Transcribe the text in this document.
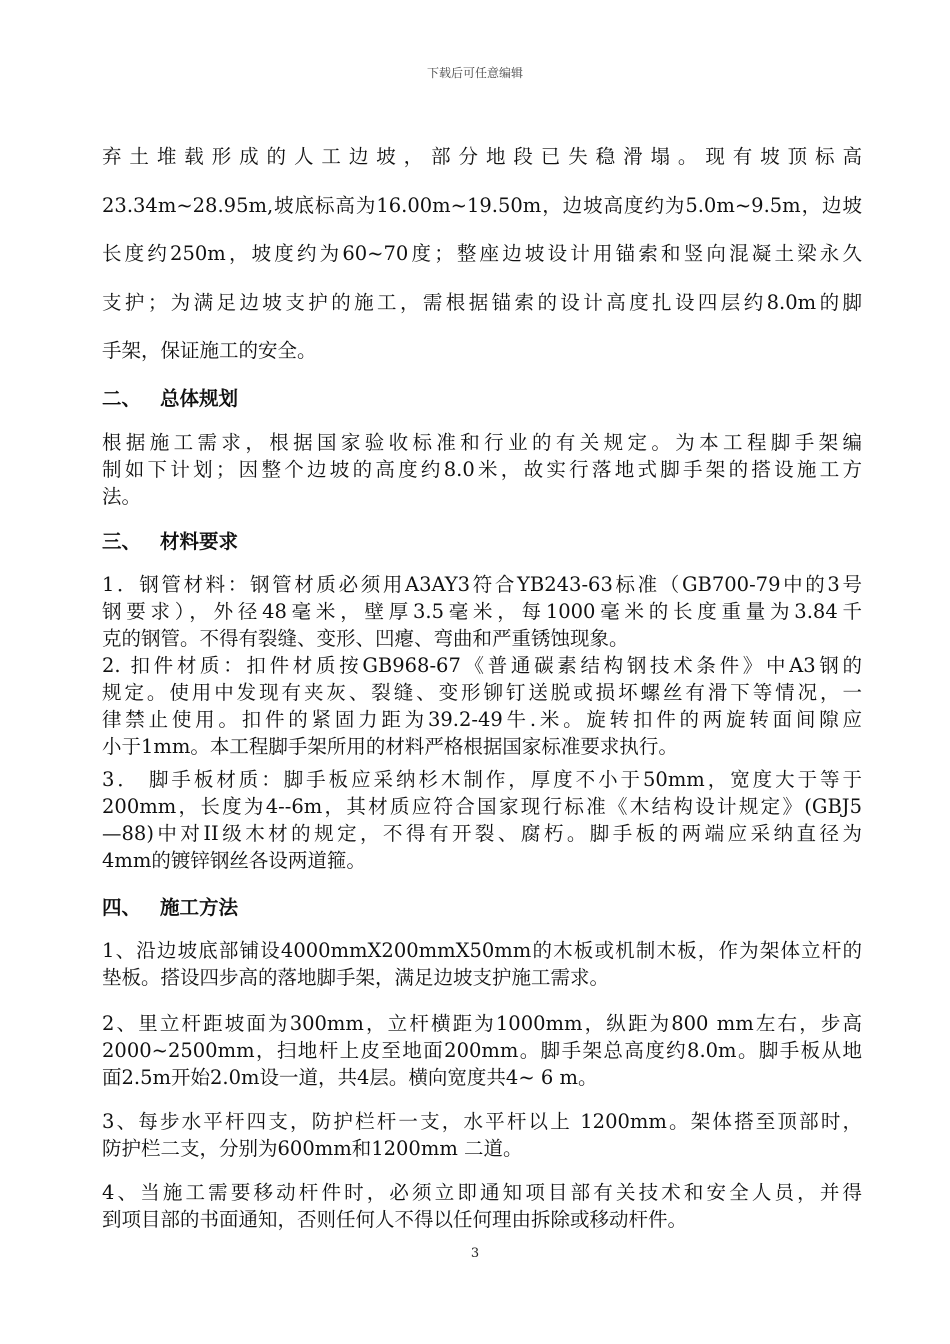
下载后可任意编辑
弃土堆载形成的人工边坡，部分地段已失稳滑塌。现有坡顶标高
23.34m~28.95m,坡底标高为16.00m~19.50m，边坡高度约为5.0m~9.5m，边坡
长度约250m，坡度约为60~70度；整座边坡设计用锚索和竖向混凝土梁永久
支护；为满足边坡支护的施工，需根据锚索的设计高度扎设四层约8.0m的脚
手架，保证施工的安全。
二、 总体规划
根据施工需求，根据国家验收标准和行业的有关规定。为本工程脚手架编
制如下计划；因整个边坡的高度约8.0米，故实行落地式脚手架的搭设施工方
法。
三、 材料要求
1．钢管材料：钢管材质必须用A3AY3符合YB243-63标准（GB700-79中的3号
钢要求），外径48毫米，壁厚3.5毫米，每1000毫米的长度重量为3.84千
克的钢管。不得有裂缝、变形、凹瘪、弯曲和严重锈蚀现象。
2. 扣件材质：扣件材质按GB968-67《普通碳素结构钢技术条件》中A3钢的
规定。使用中发现有夹灰、裂缝、变形铆钉送脱或损坏螺丝有滑下等情况，一
律禁止使用。扣件的紧固力距为39.2-49牛.米。旋转扣件的两旋转面间隙应
小于1mm。本工程脚手架所用的材料严格根据国家标准要求执行。
3． 脚手板材质：脚手板应采纳杉木制作，厚度不小于50mm，宽度大于等于
200mm，长度为4--6m，其材质应符合国家现行标准《木结构设计规定》(GBJ5
—88)中对II级木材的规定，不得有开裂、腐朽。脚手板的两端应采纳直径为
4mm的镀锌钢丝各设两道箍。
四、 施工方法
1、沿边坡底部铺设4000mmX200mmX50mm的木板或机制木板，作为架体立杆的
垫板。搭设四步高的落地脚手架，满足边坡支护施工需求。
2、里立杆距坡面为300mm，立杆横距为1000mm，纵距为800 mm左右，步高
2000~2500mm，扫地杆上皮至地面200mm。脚手架总高度约8.0m。脚手板从地
面2.5m开始2.0m设一道，共4层。横向宽度共4~ 6 m。
3、每步水平杆四支，防护栏杆一支，水平杆以上 1200mm。架体搭至顶部时，
防护栏二支，分别为600mm和1200mm 二道。
4、当施工需要移动杆件时，必须立即通知项目部有关技术和安全人员，并得
到项目部的书面通知，否则任何人不得以任何理由拆除或移动杆件。
3
